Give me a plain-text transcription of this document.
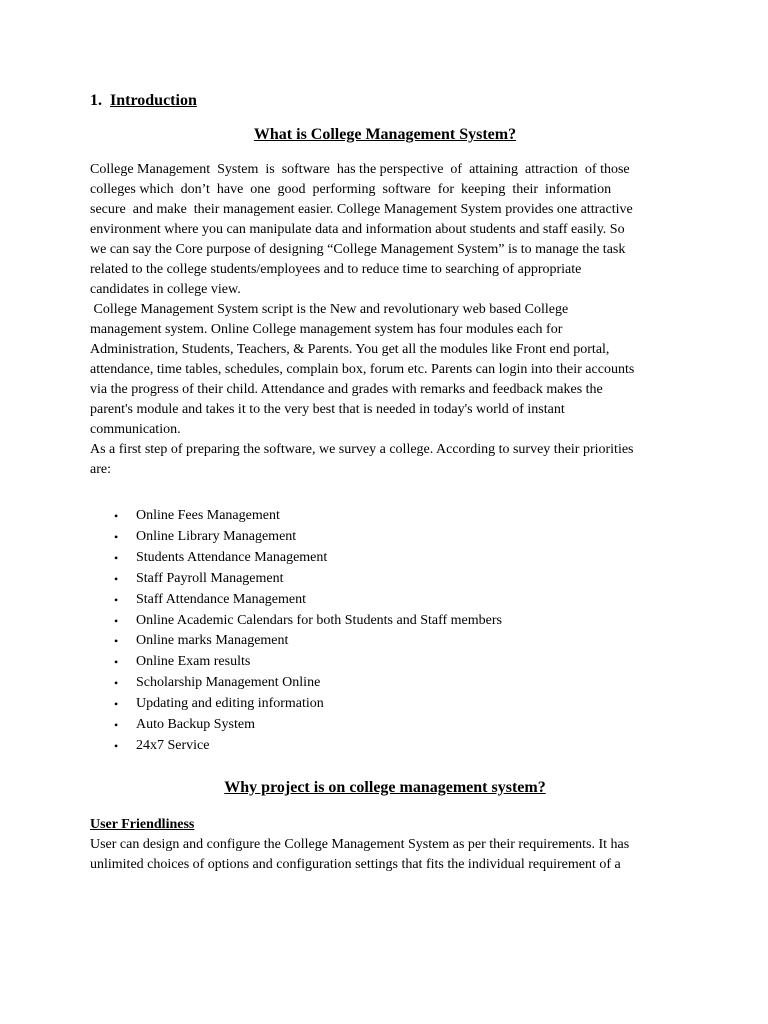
1. Introduction
What is College Management System?
College Management  System  is  software  has the perspective  of  attaining  attraction  of those
colleges which  don’t  have  one  good  performing  software  for  keeping  their  information
secure  and make  their management easier. College Management System provides one attractive
environment where you can manipulate data and information about students and staff easily. So
we can say the Core purpose of designing “College Management System” is to manage the task
related to the college students/employees and to reduce time to searching of appropriate
candidates in college view.
College Management System script is the New and revolutionary web based College
management system. Online College management system has four modules each for
Administration, Students, Teachers, & Parents. You get all the modules like Front end portal,
attendance, time tables, schedules, complain box, forum etc. Parents can login into their accounts
via the progress of their child. Attendance and grades with remarks and feedback makes the
parent's module and takes it to the very best that is needed in today's world of instant
communication.
As a first step of preparing the software, we survey a college. According to survey their priorities
are:
• Online Fees Management
• Online Library Management
• Students Attendance Management
• Staff Payroll Management
• Staff Attendance Management
• Online Academic Calendars for both Students and Staff members
• Online marks Management
• Online Exam results
• Scholarship Management Online
• Updating and editing information
• Auto Backup System
• 24x7 Service
Why project is on college management system?
User Friendliness
User can design and configure the College Management System as per their requirements. It has
unlimited choices of options and configuration settings that fits the individual requirement of a
